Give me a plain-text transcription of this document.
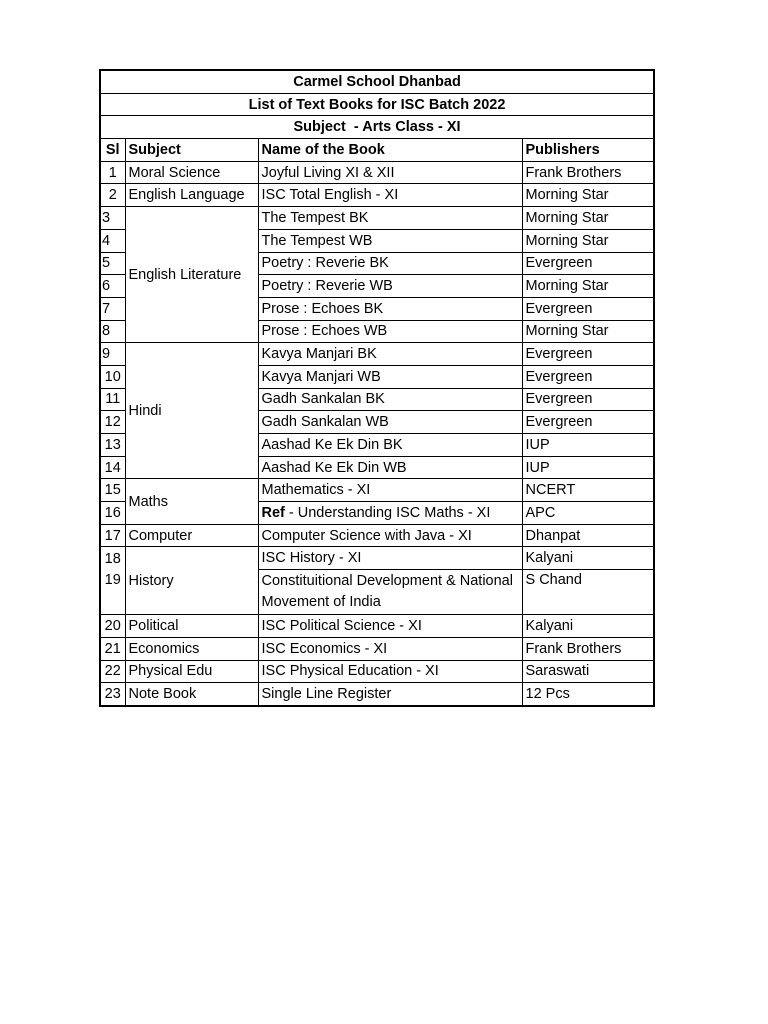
Carmel School Dhanbad			
List of Text Books for ISC Batch 2022			
Subject  - Arts Class - XI			
Sl	Subject	Name of the Book	Publishers
1	Moral Science	Joyful Living XI & XII	Frank Brothers
2	English Language	ISC Total English - XI	Morning Star
3	English Literature	The Tempest BK	Morning Star
4		The Tempest WB	Morning Star
5		Poetry : Reverie BK	Evergreen
6		Poetry : Reverie WB	Morning Star
7		Prose : Echoes BK	Evergreen
8		Prose : Echoes WB	Morning Star
9	Hindi	Kavya Manjari BK	Evergreen
10		Kavya Manjari WB	Evergreen
11		Gadh Sankalan BK	Evergreen
12		Gadh Sankalan WB	Evergreen
13		Aashad Ke Ek Din BK	IUP
14		Aashad Ke Ek Din WB	IUP
15	Maths	Mathematics - XI	NCERT
16		Ref - Understanding ISC Maths - XI	APC
17	Computer	Computer Science with Java - XI	Dhanpat
18	History	ISC History - XI	Kalyani
19		Constituitional Development & National Movement of India	S Chand
20	Political	ISC Political Science - XI	Kalyani
21	Economics	ISC Economics - XI	Frank Brothers
22	Physical Edu	ISC Physical Education - XI	Saraswati
23	Note Book	Single Line Register	12 Pcs
